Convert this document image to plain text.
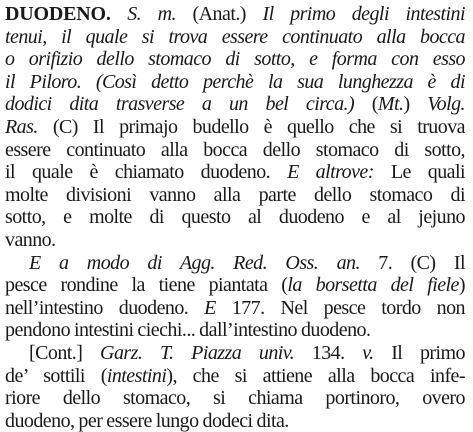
DUODENO. S. m. (Anat.) Il primo degli intestini
tenui, il quale si trova essere continuato alla bocca
o orifizio dello stomaco di sotto, e forma con esso
il Piloro. (Così detto perchè la sua lunghezza è di
dodici dita trasverse a un bel circa.) (Mt.) Volg.
Ras. (C) Il primajo budello è quello che si truova
essere continuato alla bocca dello stomaco di sotto,
il quale è chiamato duodeno. E altrove: Le quali
molte divisioni vanno alla parte dello stomaco di
sotto, e molte di questo al duodeno e al jejuno
vanno.
E a modo di Agg. Red. Oss. an. 7. (C) Il
pesce rondine la tiene piantata (la borsetta del fiele)
nell’intestino duodeno. E 177. Nel pesce tordo non
pendono intestini ciechi... dall’intestino duodeno.
[Cont.] Garz. T. Piazza univ. 134. v. Il primo
de’ sottili (intestini), che si attiene alla bocca infe-
riore dello stomaco, si chiama portinoro, overo
duodeno, per essere lungo dodeci dita.
